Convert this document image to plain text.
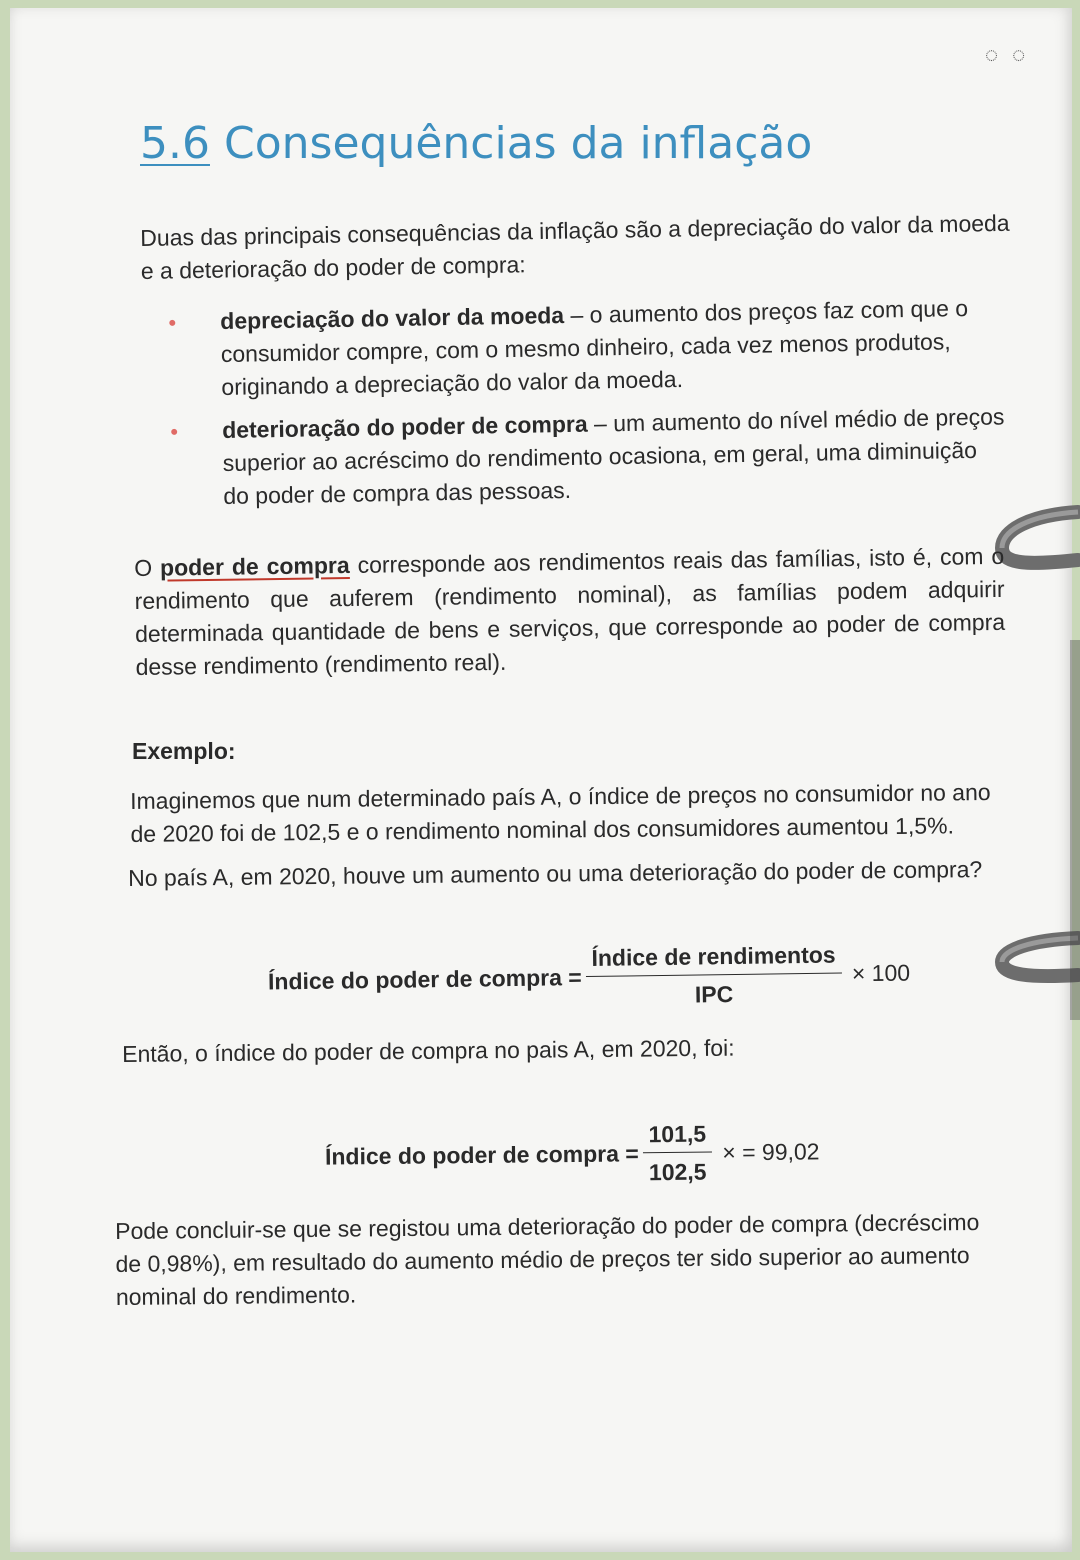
◌◌
5.6 Consequências da inflação

Duas das principais consequências da inflação são a depreciação do valor da moeda e a deterioração do poder de compra:

depreciação do valor da moeda – o aumento dos preços faz com que o consumidor compre, com o mesmo dinheiro, cada vez menos produtos, originando a depreciação do valor da moeda.
deterioração do poder de compra – um aumento do nível médio de preços superior ao acréscimo do rendimento ocasiona, em geral, uma diminuição do poder de compra das pessoas.

O poder de compra corresponde aos rendimentos reais das famílias, isto é, com o rendimento que auferem (rendimento nominal), as famílias podem adquirir determinada quantidade de bens e serviços, que corresponde ao poder de compra desse rendimento (rendimento real).

Exemplo:

Imaginemos que num determinado país A, o índice de preços no consumidor no ano de 2020 foi de 102,5 e o rendimento nominal dos consumidores aumentou 1,5%.

No país A, em 2020, houve um aumento ou uma deterioração do poder de compra?

Índice do poder de compra = $\frac{\text{Índice de rendimentos}}{\text{IPC}} \times 100$

Então, o índice do poder de compra no pais A, em 2020, foi:

Índice do poder de compra = $\frac{101,5}{102,5}$ × = 99,02

Pode concluir-se que se registou uma deterioração do poder de compra (decréscimo de 0,98%), em resultado do aumento médio de preços ter sido superior ao aumento nominal do rendimento.
